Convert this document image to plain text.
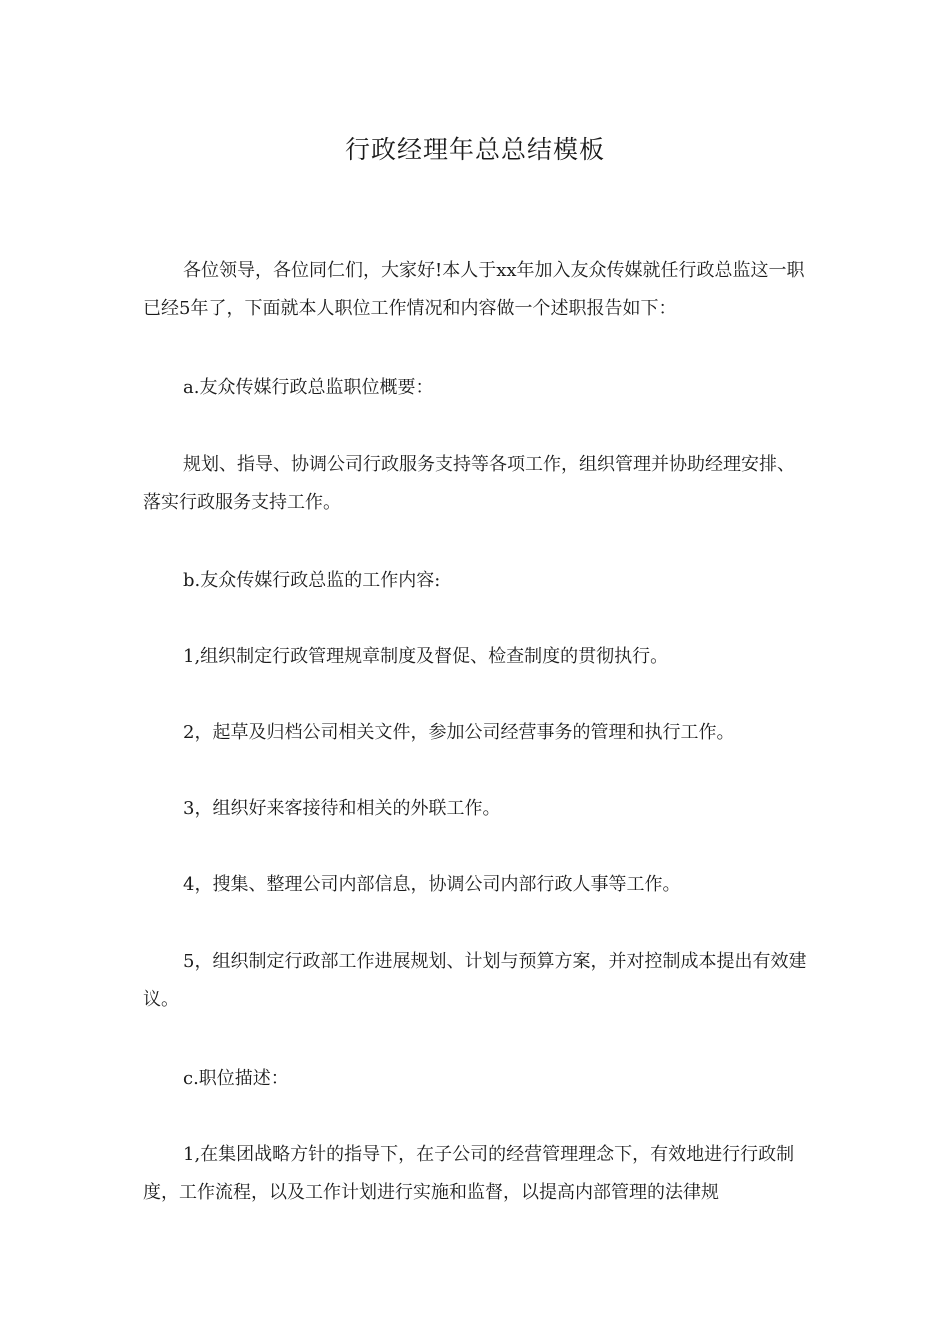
行政经理年总总结模板

各位领导，各位同仁们，大家好!本人于xx年加入友众传媒就任行政总监这一职已经5年了，下面就本人职位工作情况和内容做一个述职报告如下：

a.友众传媒行政总监职位概要：

规划、指导、协调公司行政服务支持等各项工作，组织管理并协助经理安排、落实行政服务支持工作。

b.友众传媒行政总监的工作内容:

1,组织制定行政管理规章制度及督促、检查制度的贯彻执行。

2，起草及归档公司相关文件，参加公司经营事务的管理和执行工作。

3，组织好来客接待和相关的外联工作。

4，搜集、整理公司内部信息，协调公司内部行政人事等工作。

5，组织制定行政部工作进展规划、计划与预算方案，并对控制成本提出有效建议。

c.职位描述：

1,在集团战略方针的指导下，在子公司的经营管理理念下，有效地进行行政制度，工作流程，以及工作计划进行实施和监督，以提高内部管理的法律规
